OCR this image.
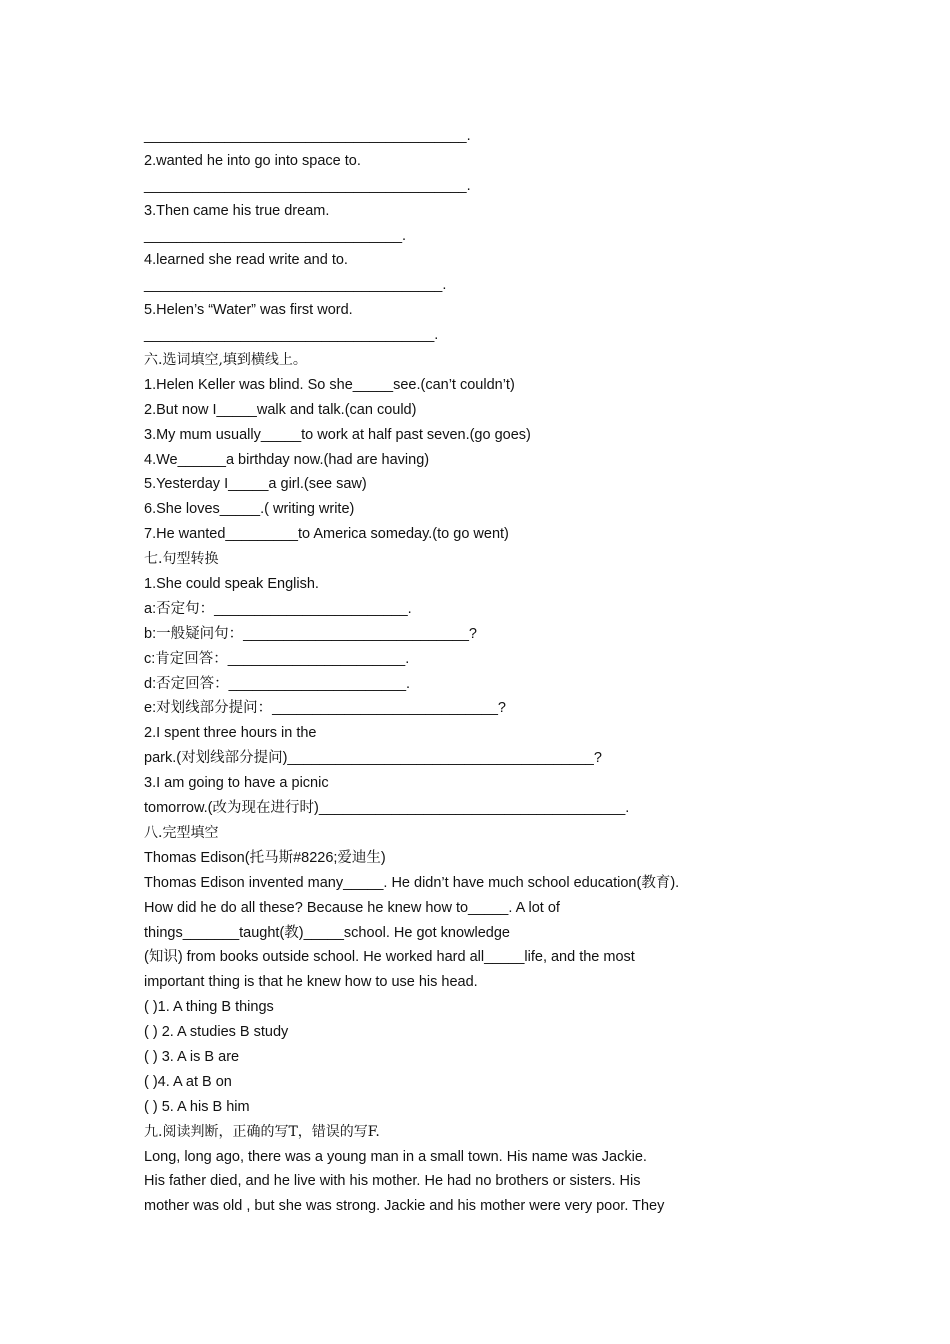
________________________________________.
2.wanted he into go into space to.
________________________________________.
3.Then came his true dream.
________________________________.
4.learned she read write and to.
_____________________________________.
5.Helen’s “Water” was first word.
____________________________________.
六.选词填空,填到横线上。
1.Helen Keller was blind. So she_____see.(can’t couldn’t)
2.But now I_____walk and talk.(can could)
3.My mum usually_____to work at half past seven.(go goes)
4.We______a birthday now.(had are having)
5.Yesterday I_____a girl.(see saw)
6.She loves_____.( writing write)
7.He wanted_________to America someday.(to go went)
七.句型转换
1.She could speak English.
a:否定句：________________________.
b:一般疑问句：____________________________?
c:肯定回答：______________________.
d:否定回答：______________________.
e:对划线部分提问：____________________________?
2.I spent three hours in the
park.(对划线部分提问)______________________________________?
3.I am going to have a picnic
tomorrow.(改为现在进行时)______________________________________.
八.完型填空
Thomas Edison(托马斯#8226;爱迪生)
Thomas Edison invented many_____. He didn’t have much school education(教育).
How did he do all these? Because he knew how to_____. A lot of
things_______taught(教)_____school. He got knowledge
(知识) from books outside school. He worked hard all_____life, and the most
important thing is that he knew how to use his head.
( )1. A thing B things
( ) 2. A studies B study
( ) 3. A is B are
( )4. A at B on
( ) 5. A his B him
九.阅读判断，正确的写T，错误的写F.
Long, long ago, there was a young man in a small town. His name was Jackie.
His father died, and he live with his mother. He had no brothers or sisters. His
mother was old , but she was strong. Jackie and his mother were very poor. They
